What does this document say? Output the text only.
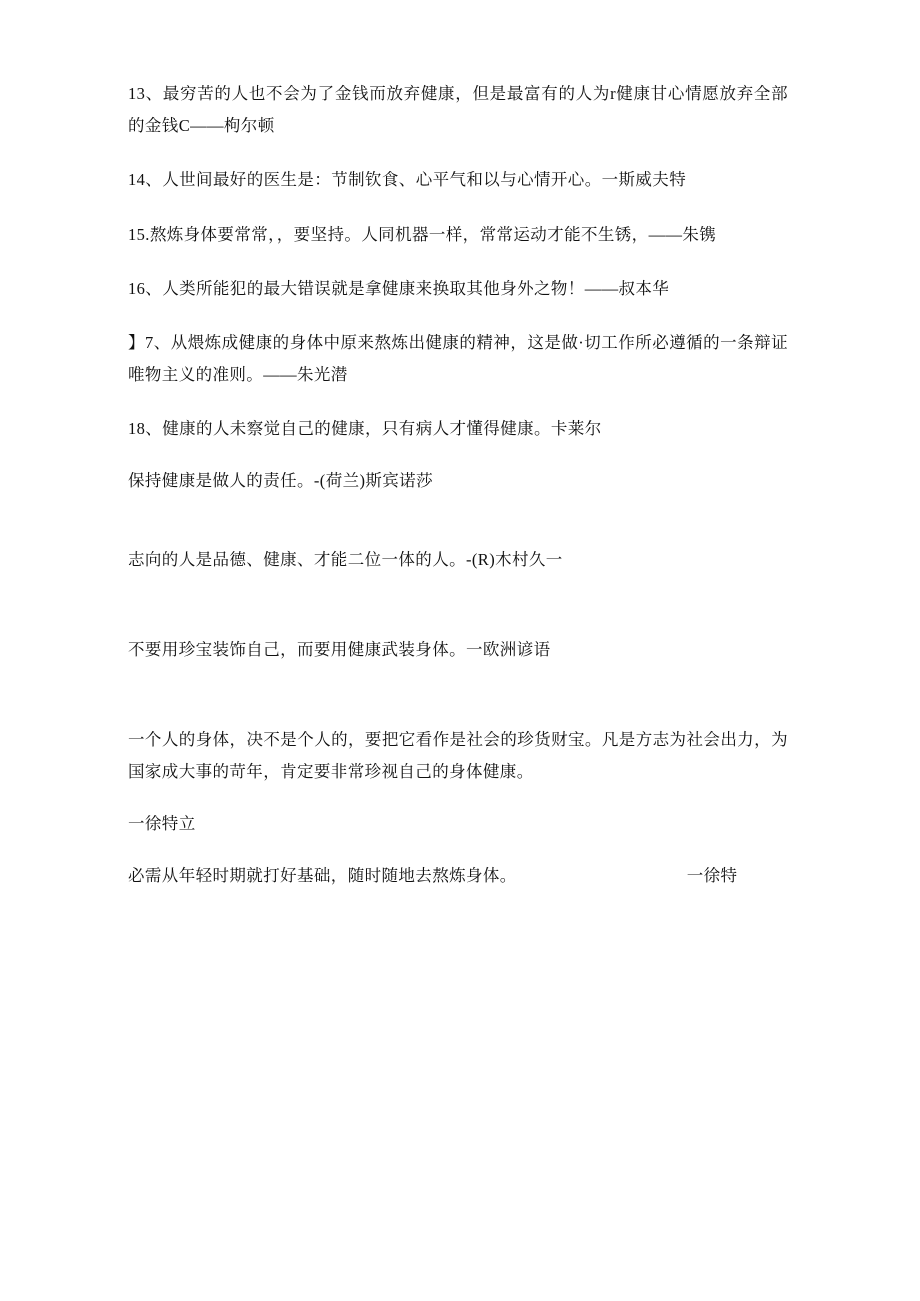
13、最穷苦的人也不会为了金钱而放弃健康，但是最富有的人为r健康甘心情愿放弃全部的金钱C——枸尔顿

14、人世间最好的医生是：节制钦食、心平气和以与心情开心。一斯威夫特

15.熬炼身体要常常，，要坚持。人同机器一样，常常运动才能不生锈，——朱镌

16、人类所能犯的最大错误就是拿健康来换取其他身外之物！——叔本华

】7、从煨炼成健康的身体中原来熬炼出健康的精神，这是做·切工作所必遵循的一条辩证唯物主义的准则。——朱光潜

18、健康的人未察觉自己的健康，只有病人才懂得健康。卡莱尔

保持健康是做人的责任。-(荷兰)斯宾诺莎

志向的人是品德、健康、才能二位一体的人。-(R)木村久一

不要用珍宝装饰自己，而要用健康武装身体。一欧洲谚语

一个人的身体，决不是个人的，要把它看作是社会的珍货财宝。凡是方志为社会出力，为国家成大事的苛年，肯定要非常珍视自己的身体健康。

一徐特立

必需从年轻时期就打好基础，随时随地去熬炼身体。	一徐特
